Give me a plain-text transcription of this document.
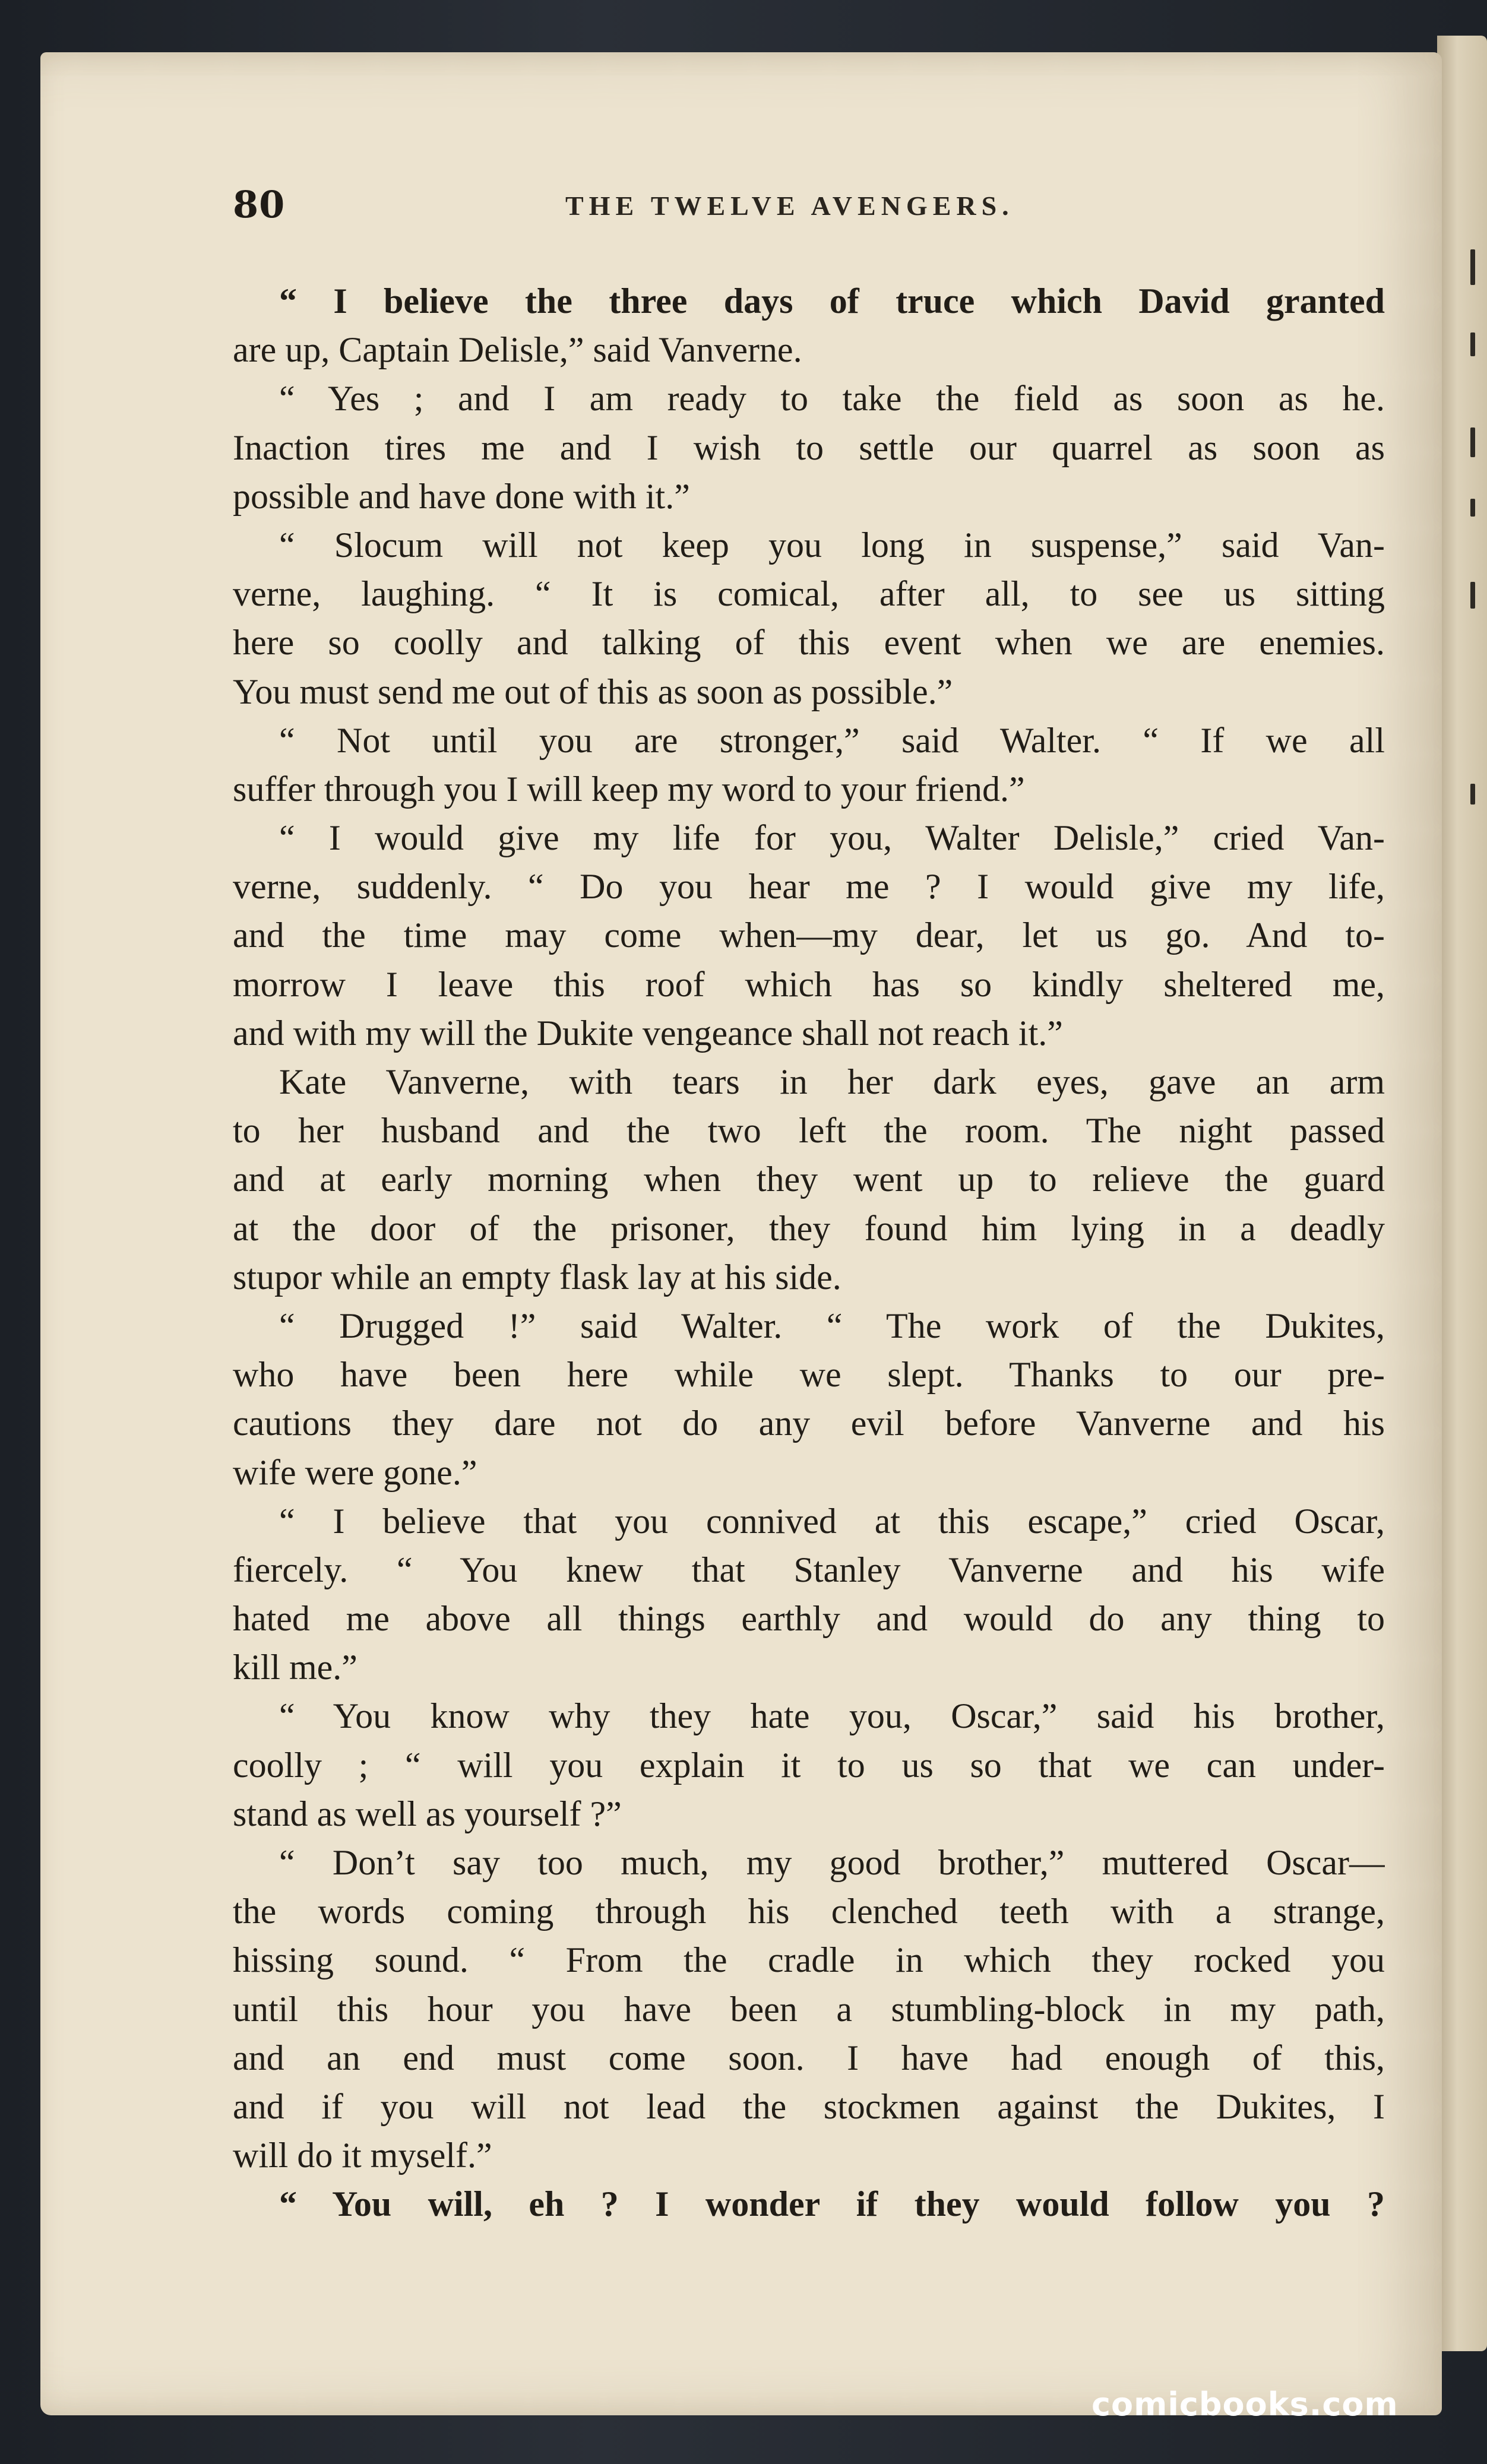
80	THE TWELVE AVENGERS.
“ I believe the three days of truce which David granted
are up, Captain Delisle,” said Vanverne.
“ Yes ; and I am ready to take the field as soon as he.
Inaction tires me and I wish to settle our quarrel as soon as
possible and have done with it.”
“ Slocum will not keep you long in suspense,” said Van-
verne, laughing. “ It is comical, after all, to see us sitting
here so coolly and talking of this event when we are enemies.
You must send me out of this as soon as possible.”
“ Not until you are stronger,” said Walter. “ If we all
suffer through you I will keep my word to your friend.”
“ I would give my life for you, Walter Delisle,” cried Van-
verne, suddenly. “ Do you hear me ? I would give my life,
and the time may come when—my dear, let us go. And to-
morrow I leave this roof which has so kindly sheltered me,
and with my will the Dukite vengeance shall not reach it.”
Kate Vanverne, with tears in her dark eyes, gave an arm
to her husband and the two left the room. The night passed
and at early morning when they went up to relieve the guard
at the door of the prisoner, they found him lying in a deadly
stupor while an empty flask lay at his side.
“ Drugged !” said Walter. “ The work of the Dukites,
who have been here while we slept. Thanks to our pre-
cautions they dare not do any evil before Vanverne and his
wife were gone.”
“ I believe that you connived at this escape,” cried Oscar,
fiercely. “ You knew that Stanley Vanverne and his wife
hated me above all things earthly and would do any thing to
kill me.”
“ You know why they hate you, Oscar,” said his brother,
coolly ; “ will you explain it to us so that we can under-
stand as well as yourself ?”
“ Don’t say too much, my good brother,” muttered Oscar—
the words coming through his clenched teeth with a strange,
hissing sound. “ From the cradle in which they rocked you
until this hour you have been a stumbling-block in my path,
and an end must come soon. I have had enough of this,
and if you will not lead the stockmen against the Dukites, I
will do it myself.”
“ You will, eh ? I wonder if they would follow you ?
comicbooks.com
